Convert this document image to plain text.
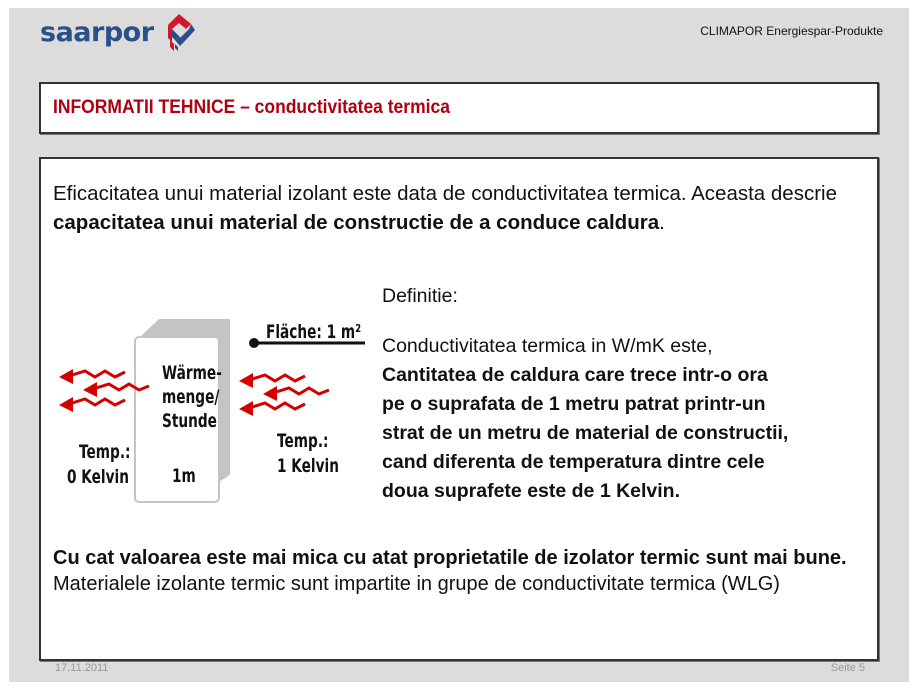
saarpor	CLIMAPOR Energiespar-Produkte
INFORMATII TEHNICE – conductivitatea termica
Eficacitatea unui material izolant este data de conductivitatea termica. Aceasta descrie capacitatea unui material de constructie de a conduce caldura.
Fläche: 1 m²
Wärme-
menge/
Stunde
1m
Temp.:
0 Kelvin
Temp.:
1 Kelvin
Definitie:
Conductivitatea termica in W/mK este,
Cantitatea de caldura care trece intr-o ora
pe o suprafata de 1 metru patrat printr-un
strat de un metru de material de constructii,
cand diferenta de temperatura dintre cele
doua suprafete este de 1 Kelvin.
Cu cat valoarea este mai mica cu atat proprietatile de izolator termic sunt mai bune.
Materialele izolante termic sunt impartite in grupe de conductivitate termica (WLG)
17.11.2011	Seite 5
